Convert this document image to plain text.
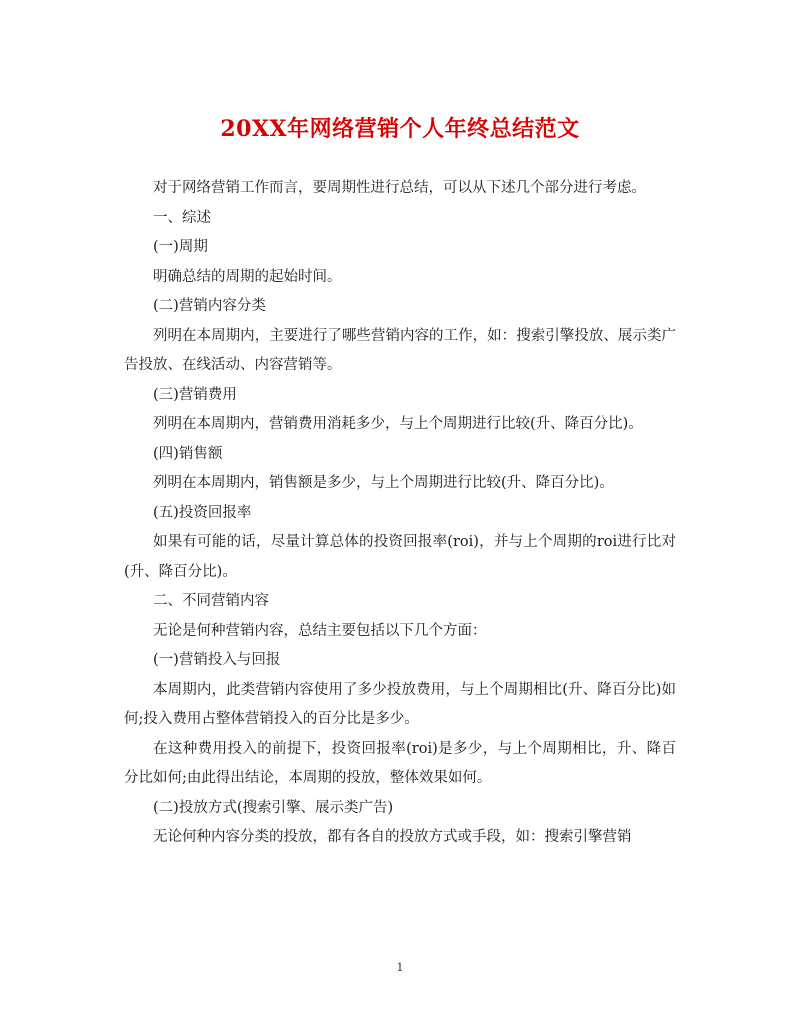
20XX年网络营销个人年终总结范文

对于网络营销工作而言，要周期性进行总结，可以从下述几个部分进行考虑。

一、综述

(一)周期

明确总结的周期的起始时间。

(二)营销内容分类

列明在本周期内，主要进行了哪些营销内容的工作，如：搜索引擎投放、展示类广告投放、在线活动、内容营销等。

(三)营销费用

列明在本周期内，营销费用消耗多少，与上个周期进行比较(升、降百分比)。

(四)销售额

列明在本周期内，销售额是多少，与上个周期进行比较(升、降百分比)。

(五)投资回报率

如果有可能的话，尽量计算总体的投资回报率(roi)，并与上个周期的roi进行比对(升、降百分比)。

二、不同营销内容

无论是何种营销内容，总结主要包括以下几个方面：

(一)营销投入与回报

本周期内，此类营销内容使用了多少投放费用，与上个周期相比(升、降百分比)如何;投入费用占整体营销投入的百分比是多少。

在这种费用投入的前提下，投资回报率(roi)是多少，与上个周期相比，升、降百分比如何;由此得出结论，本周期的投放，整体效果如何。

(二)投放方式(搜索引擎、展示类广告)

无论何种内容分类的投放，都有各自的投放方式或手段，如：搜索引擎营销

1
